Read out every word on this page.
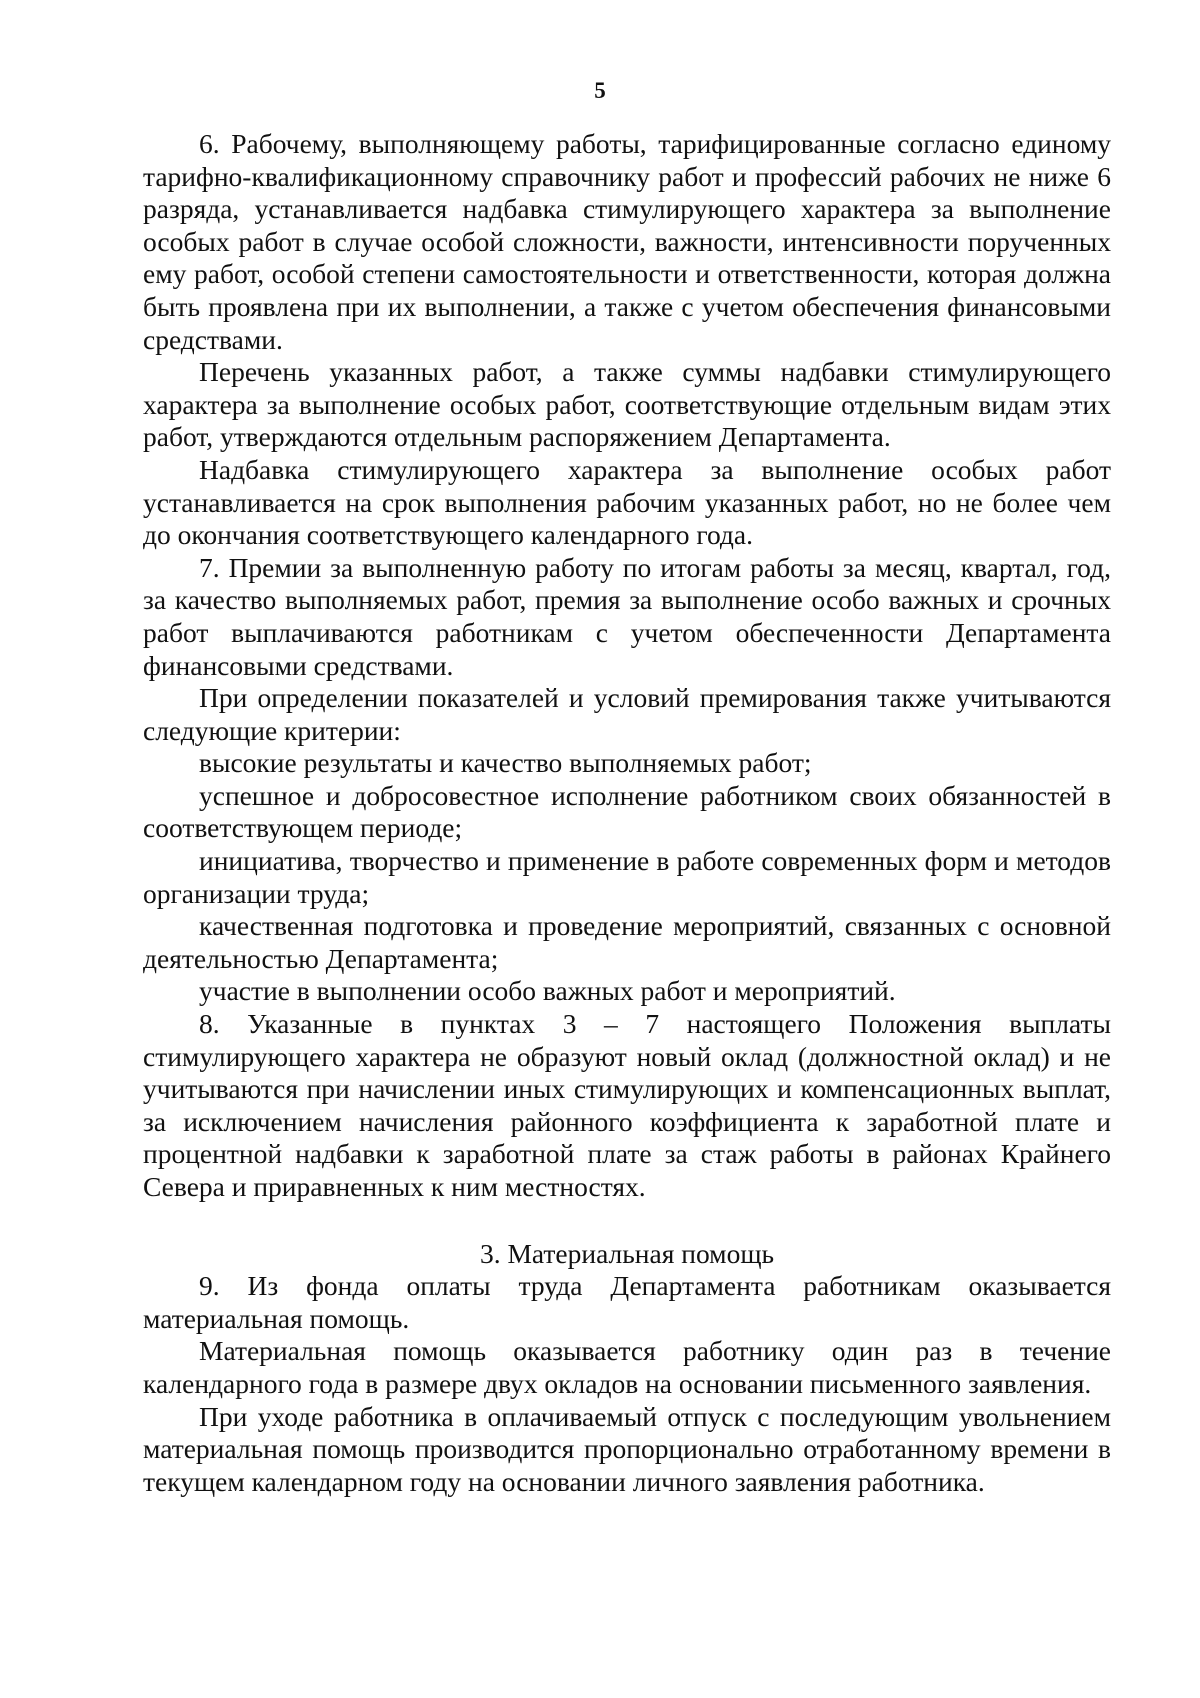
5

6. Рабочему, выполняющему работы, тарифицированные согласно единому тарифно-квалификационному справочнику работ и профессий рабочих не ниже 6 разряда, устанавливается надбавка стимулирующего характера за выполнение особых работ в случае особой сложности, важности, интенсивности порученных ему работ, особой степени самостоятельности и ответственности, которая должна быть проявлена при их выполнении, а также с учетом обеспечения финансовыми средствами.

Перечень указанных работ, а также суммы надбавки стимулирующего характера за выполнение особых работ, соответствующие отдельным видам этих работ, утверждаются отдельным распоряжением Департамента.

Надбавка стимулирующего характера за выполнение особых работ устанавливается на срок выполнения рабочим указанных работ, но не более чем до окончания соответствующего календарного года.

7. Премии за выполненную работу по итогам работы за месяц, квартал, год, за качество выполняемых работ, премия за выполнение особо важных и срочных работ выплачиваются работникам с учетом обеспеченности Департамента финансовыми средствами.

При определении показателей и условий премирования также учитываются следующие критерии:

высокие результаты и качество выполняемых работ;

успешное и добросовестное исполнение работником своих обязанностей в соответствующем периоде;

инициатива, творчество и применение в работе современных форм и методов организации труда;

качественная подготовка и проведение мероприятий, связанных с основной деятельностью Департамента;

участие в выполнении особо важных работ и мероприятий.

8. Указанные в пунктах 3 – 7 настоящего Положения выплаты стимулирующего характера не образуют новый оклад (должностной оклад) и не учитываются при начислении иных стимулирующих и компенсационных выплат, за исключением начисления районного коэффициента к заработной плате и процентной надбавки к заработной плате за стаж работы в районах Крайнего Севера и приравненных к ним местностях.

3. Материальная помощь

9. Из фонда оплаты труда Департамента работникам оказывается материальная помощь.

Материальная помощь оказывается работнику один раз в течение календарного года в размере двух окладов на основании письменного заявления.

При уходе работника в оплачиваемый отпуск с последующим увольнением материальная помощь производится пропорционально отработанному времени в текущем календарном году на основании личного заявления работника.
